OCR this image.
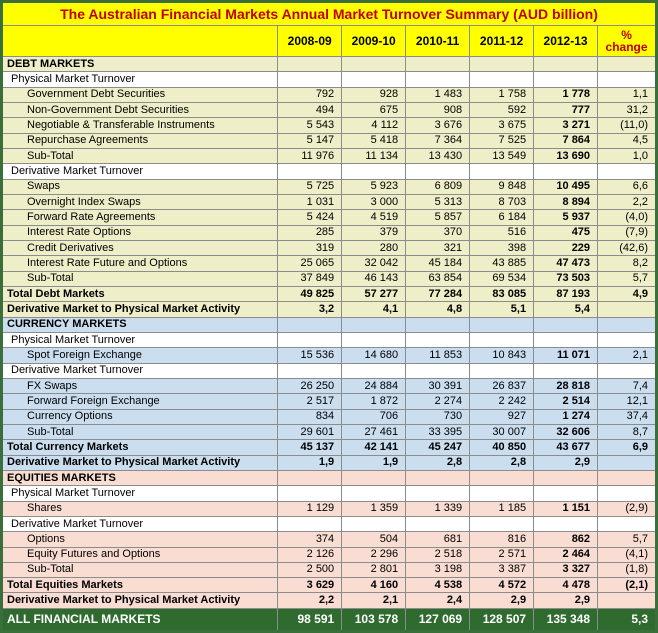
The Australian Financial Markets Annual Market Turnover Summary (AUD billion)						
	2008-09	2009-10	2010-11	2011-12	2012-13	% change
DEBT MARKETS						
Physical Market Turnover						
Government Debt Securities	792	928	1 483	1 758	1 778	1,1
Non-Government Debt Securities	494	675	908	592	777	31,2
Negotiable & Transferable Instruments	5 543	4 112	3 676	3 675	3 271	(11,0)
Repurchase Agreements	5 147	5 418	7 364	7 525	7 864	4,5
Sub-Total	11 976	11 134	13 430	13 549	13 690	1,0
Derivative Market Turnover						
Swaps	5 725	5 923	6 809	9 848	10 495	6,6
Overnight Index Swaps	1 031	3 000	5 313	8 703	8 894	2,2
Forward Rate Agreements	5 424	4 519	5 857	6 184	5 937	(4,0)
Interest Rate Options	285	379	370	516	475	(7,9)
Credit Derivatives	319	280	321	398	229	(42,6)
Interest Rate Future and Options	25 065	32 042	45 184	43 885	47 473	8,2
Sub-Total	37 849	46 143	63 854	69 534	73 503	5,7
Total Debt Markets	49 825	57 277	77 284	83 085	87 193	4,9
Derivative Market to Physical Market Activity	3,2	4,1	4,8	5,1	5,4	
CURRENCY MARKETS						
Physical Market Turnover						
Spot Foreign Exchange	15 536	14 680	11 853	10 843	11 071	2,1
Derivative Market Turnover						
FX Swaps	26 250	24 884	30 391	26 837	28 818	7,4
Forward Foreign Exchange	2 517	1 872	2 274	2 242	2 514	12,1
Currency Options	834	706	730	927	1 274	37,4
Sub-Total	29 601	27 461	33 395	30 007	32 606	8,7
Total Currency Markets	45 137	42 141	45 247	40 850	43 677	6,9
Derivative Market to Physical Market Activity	1,9	1,9	2,8	2,8	2,9	
EQUITIES MARKETS						
Physical Market Turnover						
Shares	1 129	1 359	1 339	1 185	1 151	(2,9)
Derivative Market Turnover						
Options	374	504	681	816	862	5,7
Equity Futures and Options	2 126	2 296	2 518	2 571	2 464	(4,1)
Sub-Total	2 500	2 801	3 198	3 387	3 327	(1,8)
Total Equities Markets	3 629	4 160	4 538	4 572	4 478	(2,1)
Derivative Market to Physical Market Activity	2,2	2,1	2,4	2,9	2,9	
ALL FINANCIAL MARKETS	98 591	103 578	127 069	128 507	135 348	5,3
